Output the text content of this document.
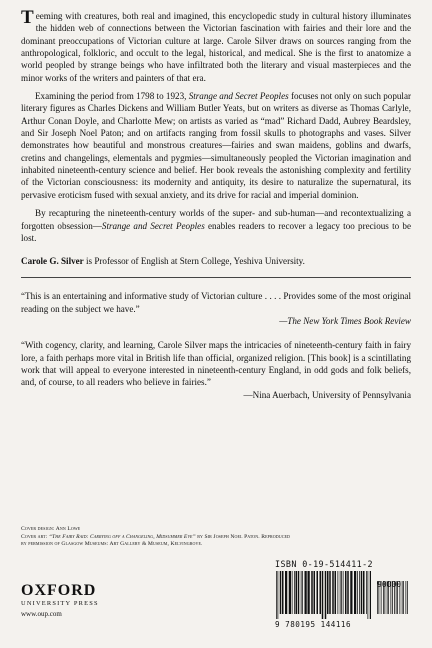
Teeming with creatures, both real and imagined, this encyclopedic study in cultural history illuminates the hidden web of connections between the Victorian fascination with fairies and their lore and the dominant preoccupations of Victorian culture at large. Carole Silver draws on sources ranging from the anthropological, folkloric, and occult to the legal, historical, and medical. She is the first to anatomize a world peopled by strange beings who have infiltrated both the literary and visual masterpieces and the minor works of the writers and painters of that era.

Examining the period from 1798 to 1923, Strange and Secret Peoples focuses not only on such popular literary figures as Charles Dickens and William Butler Yeats, but on writers as diverse as Thomas Carlyle, Arthur Conan Doyle, and Charlotte Mew; on artists as varied as “mad” Richard Dadd, Aubrey Beardsley, and Sir Joseph Noel Paton; and on artifacts ranging from fossil skulls to photographs and vases. Silver demonstrates how beautiful and monstrous creatures—fairies and swan maidens, goblins and dwarfs, cretins and changelings, elementals and pygmies—simultaneously peopled the Victorian imagination and inhabited nineteenth-century science and belief. Her book reveals the astonishing complexity and fertility of the Victorian consciousness: its modernity and antiquity, its desire to naturalize the supernatural, its pervasive eroticism fused with sexual anxiety, and its drive for racial and imperial dominion.

By recapturing the nineteenth-century worlds of the super- and sub-human—and recontextualizing a forgotten obsession—Strange and Secret Peoples enables readers to recover a legacy too precious to be lost.

Carole G. Silver is Professor of English at Stern College, Yeshiva University.

“This is an entertaining and informative study of Victorian culture . . . . Provides some of the most original reading on the subject we have.”

—The New York Times Book Review

“With cogency, clarity, and learning, Carole Silver maps the intricacies of nineteenth-century faith in fairy lore, a faith perhaps more vital in British life than official, organized religion. [This book] is a scintillating work that will appeal to everyone interested in nineteenth-century England, in odd gods and folk beliefs, and, of course, to all readers who believe in fairies.”

—Nina Auerbach, University of Pennsylvania

Cover design: Ann Lowe
Cover art: “The Fairy Raid: Carrying off a Changeling, Midsummer Eve” by Sir Joseph Noel Paton. Reproduced by permission of Glasgow Museums: Art Gallery & Museum, Kelvingrove.
OXFORD
UNIVERSITY PRESS
www.oup.com
ISBN 0-19-514411-2
90000
9 780195 144116
